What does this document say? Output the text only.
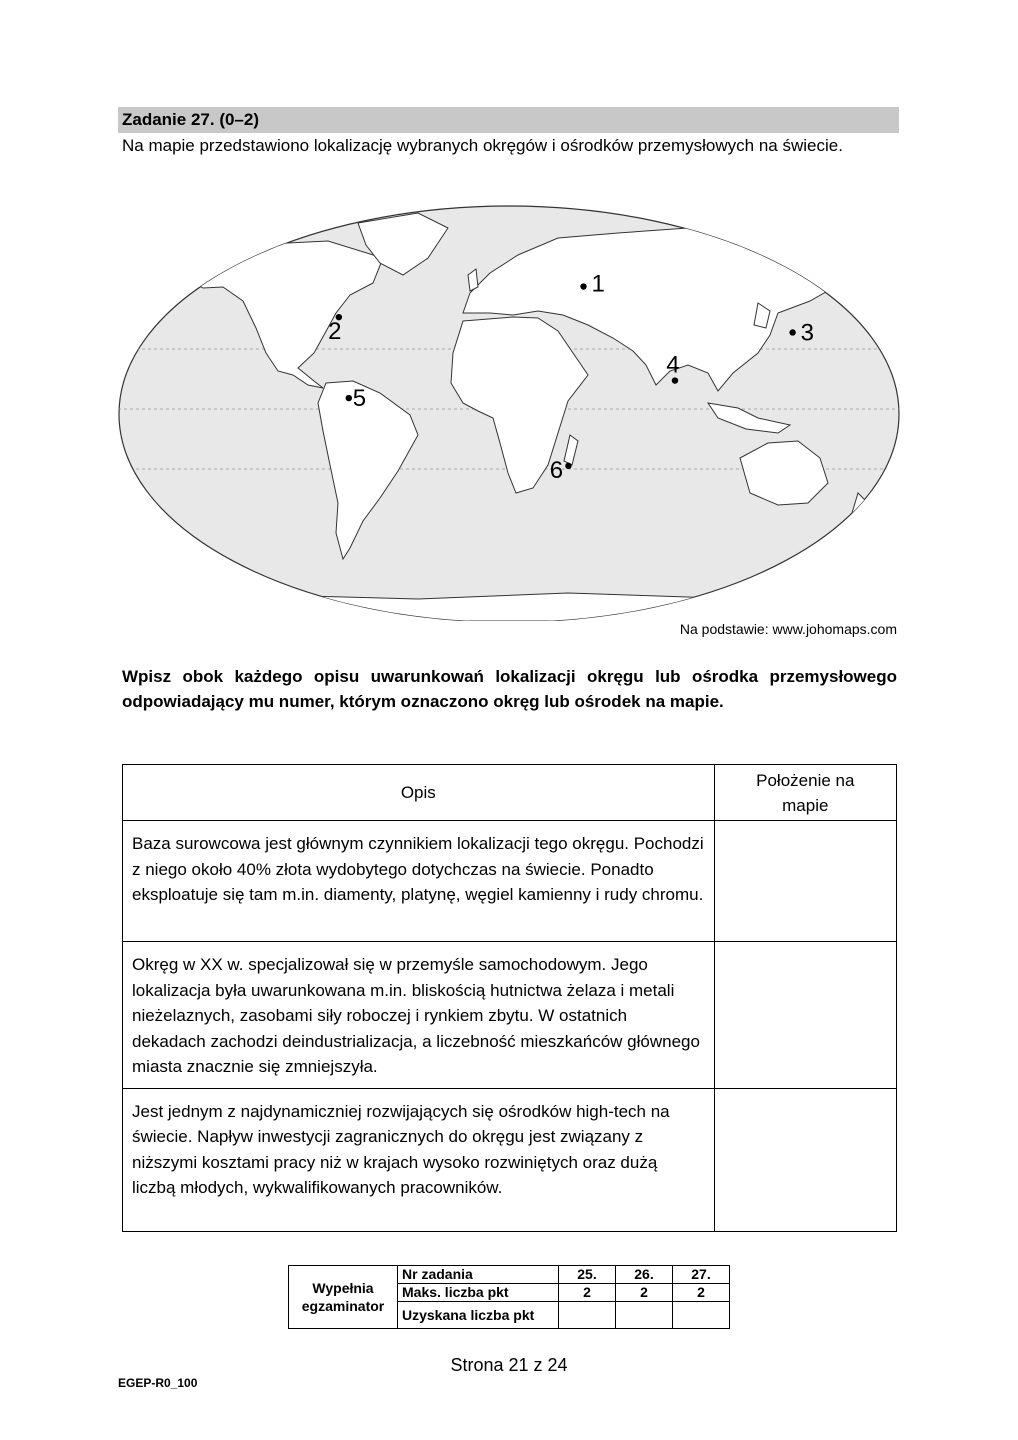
Zadanie 27. (0–2)
Na mapie przedstawiono lokalizację wybranych okręgów i ośrodków przemysłowych na świecie.
1
2	3
4
5
6
Na podstawie: www.johomaps.com
Wpisz obok każdego opisu uwarunkowań lokalizacji okręgu lub ośrodka przemysłowego odpowiadający mu numer, którym oznaczono okręg lub ośrodek na mapie.
Opis	Położenie na mapie
Baza surowcowa jest głównym czynnikiem lokalizacji tego okręgu. Pochodzi z niego około 40% złota wydobytego dotychczas na świecie. Ponadto eksploatuje się tam m.in. diamenty, platynę, węgiel kamienny i rudy chromu.	
Okręg w XX w. specjalizował się w przemyśle samochodowym. Jego lokalizacja była uwarunkowana m.in. bliskością hutnictwa żelaza i metali nieżelaznych, zasobami siły roboczej i rynkiem zbytu. W ostatnich dekadach zachodzi deindustrializacja, a liczebność mieszkańców głównego miasta znacznie się zmniejszyła.	
Jest jednym z najdynamiczniej rozwijających się ośrodków high-tech na świecie. Napływ inwestycji zagranicznych do okręgu jest związany z niższymi kosztami pracy niż w krajach wysoko rozwiniętych oraz dużą liczbą młodych, wykwalifikowanych pracowników.	
Wypełnia egzaminator	Nr zadania	25.	26.	27.
	Maks. liczba pkt	2	2	2
	Uzyskana liczba pkt			
Strona 21 z 24
EGEP-R0_100
